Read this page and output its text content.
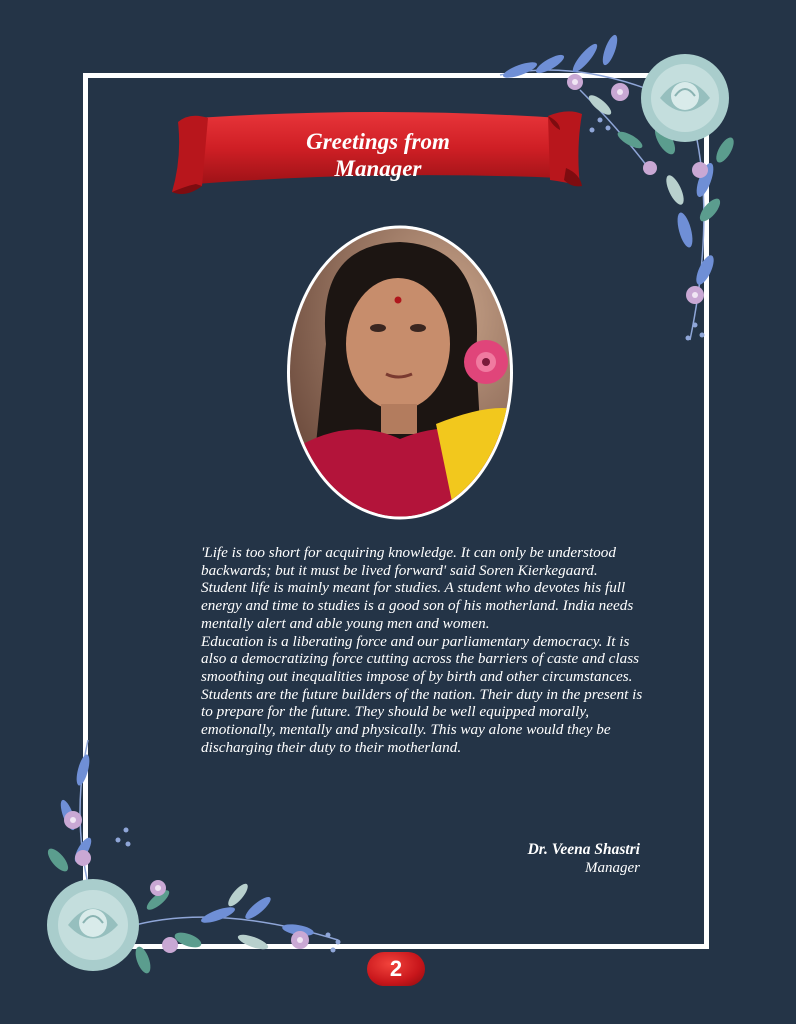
Greetings from
Manager

'Life is too short for acquiring knowledge. It can only be understood backwards; but it must be lived forward' said Soren Kierkegaard.

Student life is mainly meant for studies. A student who devotes his full energy and time to studies is a good son of his motherland. India needs mentally alert and able young men and women.

Education is a liberating force and our parliamentary democracy. It is also a democratizing force cutting across the barriers of caste and class smoothing out inequalities impose of by birth and other circumstances.

Students are the future builders of the nation. Their duty in the present is to prepare for the future. They should be well equipped morally, emotionally, mentally and physically. This way alone would they be discharging their duty to their motherland.

Dr. Veena Shastri
Manager
2
